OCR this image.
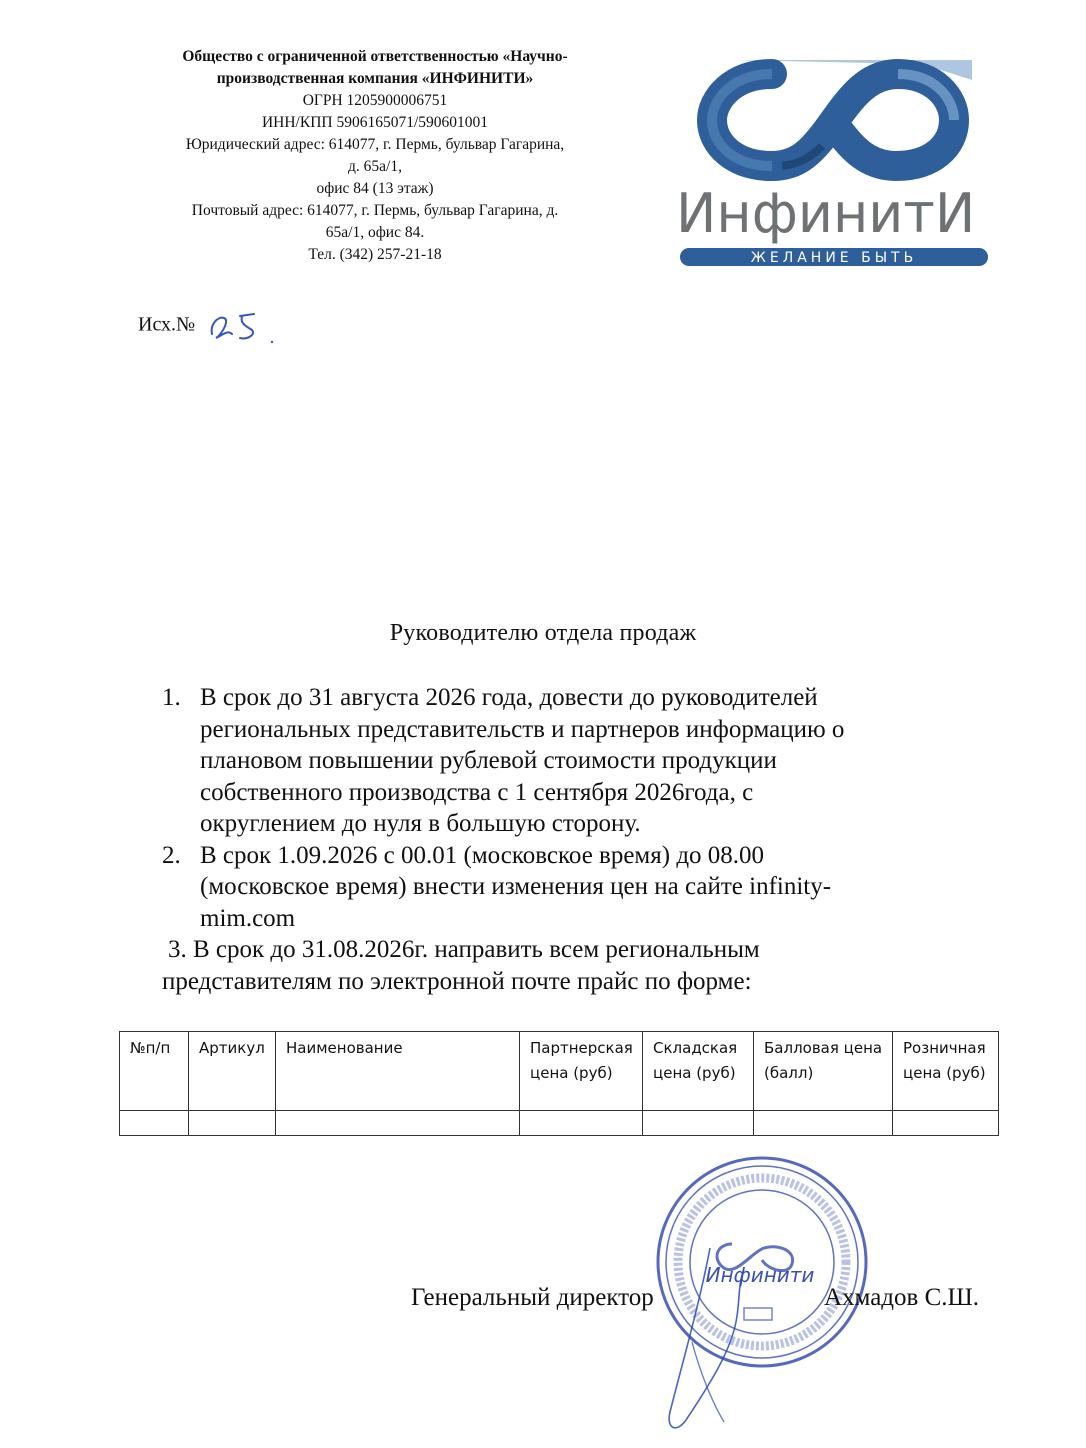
Общество с ограниченной ответственностью «Научно-
производственная компания «ИНФИНИТИ»
ОГРН 1205900006751
ИНН/КПП 5906165071/590601001
Юридический адрес: 614077, г. Пермь, бульвар Гагарина,
д. 65а/1,
офис 84 (13 этаж)
Почтовый адрес: 614077, г. Пермь, бульвар Гагарина, д.
65а/1, офис 84.
Тел. (342) 257-21-18
ИнфинитИ
ЖЕЛАНИЕ БЫТЬ
Исх.№
Руководителю отдела продаж
1. В срок до 31 августа 2026 года, довести до руководителей
региональных представительств и партнеров информацию о
плановом повышении рублевой стоимости продукции
собственного производства с 1 сентября 2026года, с
округлением до нуля в большую сторону.
2. В срок 1.09.2026 с 00.01 (московское время) до 08.00
(московское время) внести изменения цен на сайте infinity-
mim.com
3. В срок до 31.08.2026г. направить всем региональным
представителям по электронной почте прайс по форме:
№п/п	Артикул	Наименование	Партнерская цена (руб)	Складская цена (руб)	Балловая цена (балл)	Розничная цена (руб)

Инфинити
Генеральный директор	Ахмадов С.Ш.
